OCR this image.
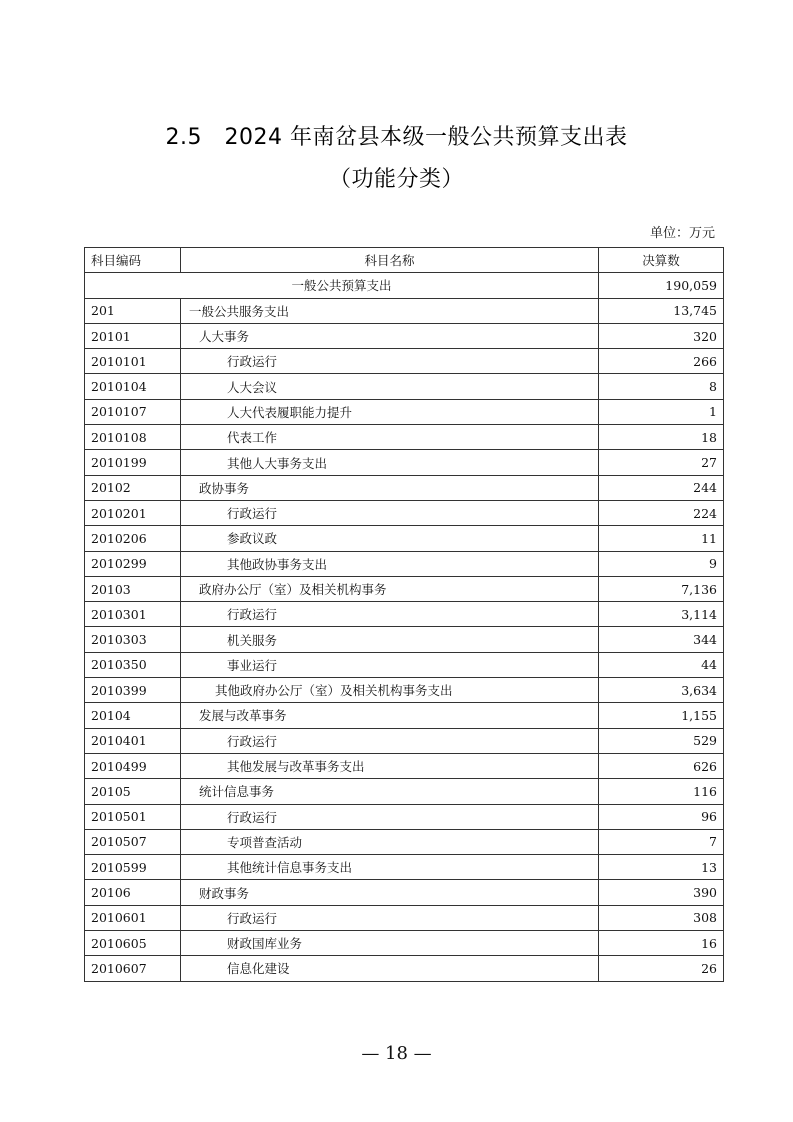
2.5　2024 年南岔县本级一般公共预算支出表
（功能分类）
单位：万元
科目编码	科目名称	决算数
一般公共预算支出		190,059
201	一般公共服务支出	13,745
20101	人大事务	320
2010101	行政运行	266
2010104	人大会议	8
2010107	人大代表履职能力提升	1
2010108	代表工作	18
2010199	其他人大事务支出	27
20102	政协事务	244
2010201	行政运行	224
2010206	参政议政	11
2010299	其他政协事务支出	9
20103	政府办公厅（室）及相关机构事务	7,136
2010301	行政运行	3,114
2010303	机关服务	344
2010350	事业运行	44
2010399	其他政府办公厅（室）及相关机构事务支出	3,634
20104	发展与改革事务	1,155
2010401	行政运行	529
2010499	其他发展与改革事务支出	626
20105	统计信息事务	116
2010501	行政运行	96
2010507	专项普查活动	7
2010599	其他统计信息事务支出	13
20106	财政事务	390
2010601	行政运行	308
2010605	财政国库业务	16
2010607	信息化建设	26
— 18 —
